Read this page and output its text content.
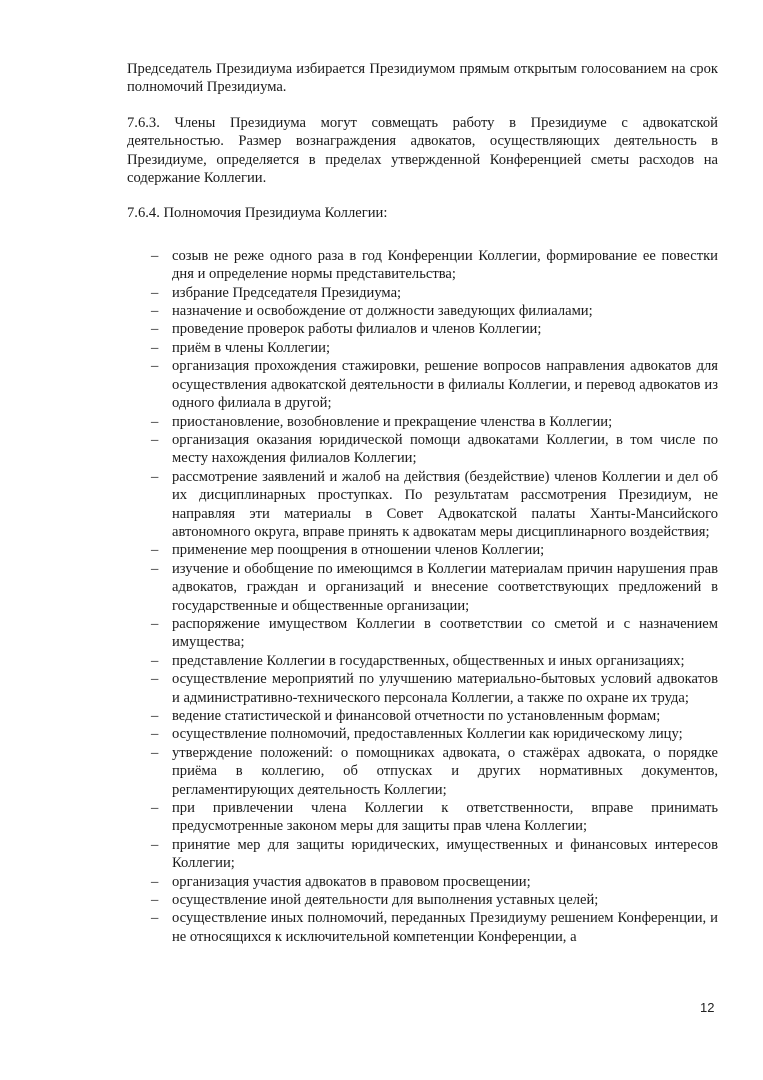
Председатель Президиума избирается Президиумом прямым открытым голосованием на срок полномочий Президиума.

7.6.3. Члены Президиума могут совмещать работу в Президиуме с адвокатской деятельностью. Размер вознаграждения адвокатов, осуществляющих деятельность в Президиуме, определяется в пределах утвержденной Конференцией сметы расходов на содержание Коллегии.

7.6.4. Полномочия Президиума Коллегии:

– созыв не реже одного раза в год Конференции Коллегии, формирование ее повестки дня и определение нормы представительства;
– избрание Председателя Президиума;
– назначение и освобождение от должности заведующих филиалами;
– проведение проверок работы филиалов и членов Коллегии;
– приём в члены Коллегии;
– организация прохождения стажировки, решение вопросов направления адвокатов для осуществления адвокатской деятельности в филиалы Коллегии, и перевод адвокатов из одного филиала в другой;
– приостановление, возобновление и прекращение членства в Коллегии;
– организация оказания юридической помощи адвокатами Коллегии, в том числе по месту нахождения филиалов Коллегии;
– рассмотрение заявлений и жалоб на действия (бездействие) членов Коллегии и дел об их дисциплинарных проступках. По результатам рассмотрения Президиум, не направляя эти материалы в Совет Адвокатской палаты Ханты-Мансийского автономного округа, вправе принять к адвокатам меры дисциплинарного воздействия;
– применение мер поощрения в отношении членов Коллегии;
– изучение и обобщение по имеющимся в Коллегии материалам причин нарушения прав адвокатов, граждан и организаций и внесение соответствующих предложений в государственные и общественные организации;
– распоряжение имуществом Коллегии в соответствии со сметой и с назначением имущества;
– представление Коллегии в государственных, общественных и иных организациях;
– осуществление мероприятий по улучшению материально-бытовых условий адвокатов и административно-технического персонала Коллегии, а также по охране их труда;
– ведение статистической и финансовой отчетности по установленным формам;
– осуществление полномочий, предоставленных Коллегии как юридическому лицу;
– утверждение положений: о помощниках адвоката, о стажёрах адвоката, о порядке приёма в коллегию, об отпусках и других нормативных документов, регламентирующих деятельность Коллегии;
– при привлечении члена Коллегии к ответственности, вправе принимать предусмотренные законом меры для защиты прав члена Коллегии;
– принятие мер для защиты юридических, имущественных и финансовых интересов Коллегии;
– организация участия адвокатов в правовом просвещении;
– осуществление иной деятельности для выполнения уставных целей;
– осуществление иных полномочий, переданных Президиуму решением Конференции, и не относящихся к исключительной компетенции Конференции, а
12
